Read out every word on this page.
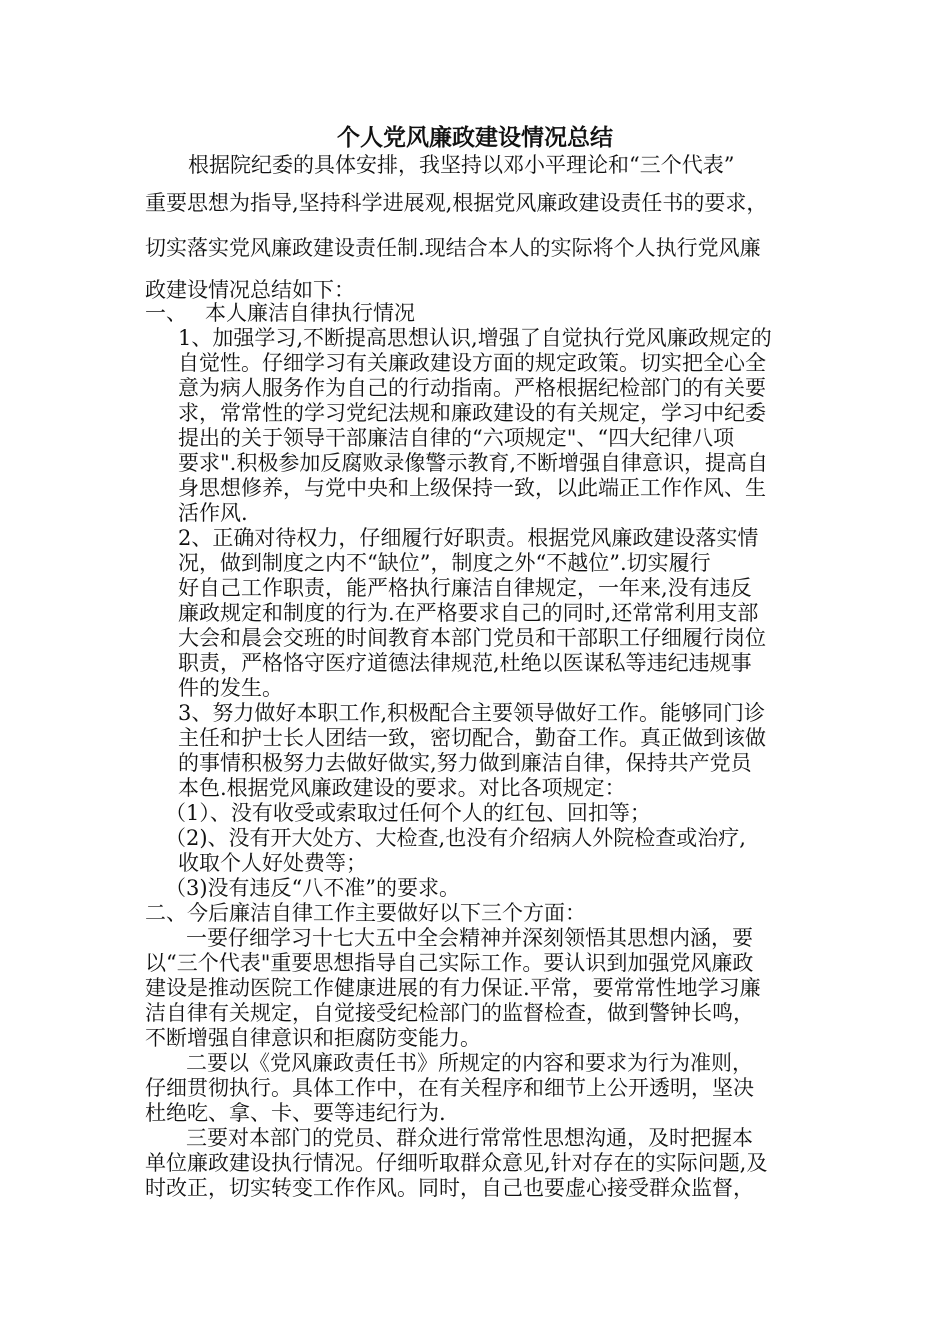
个人党风廉政建设情况总结

根据院纪委的具体安排，我坚持以邓小平理论和“三个代表”

重要思想为指导,坚持科学进展观,根据党风廉政建设责任书的要求，

切实落实党风廉政建设责任制.现结合本人的实际将个人执行党风廉

政建设情况总结如下：

一、 本人廉洁自律执行情况

1、加强学习,不断提高思想认识,增强了自觉执行党风廉政规定的

自觉性。仔细学习有关廉政建设方面的规定政策。切实把全心全

意为病人服务作为自己的行动指南。严格根据纪检部门的有关要

求，常常性的学习党纪法规和廉政建设的有关规定，学习中纪委

提出的关于领导干部廉洁自律的“六项规定"、“四大纪律八项

要求".积极参加反腐败录像警示教育,不断增强自律意识，提高自

身思想修养，与党中央和上级保持一致，以此端正工作作风、生

活作风.

2、正确对待权力，仔细履行好职责。根据党风廉政建设落实情

况，做到制度之内不“缺位”，制度之外“不越位”.切实履行

好自己工作职责，能严格执行廉洁自律规定，一年来,没有违反

廉政规定和制度的行为.在严格要求自己的同时,还常常利用支部

大会和晨会交班的时间教育本部门党员和干部职工仔细履行岗位

职责，严格恪守医疗道德法律规范,杜绝以医谋私等违纪违规事

件的发生。

3、努力做好本职工作,积极配合主要领导做好工作。能够同门诊

主任和护士长人团结一致，密切配合，勤奋工作。真正做到该做

的事情积极努力去做好做实,努力做到廉洁自律，保持共产党员

本色.根据党风廉政建设的要求。对比各项规定：

（1）、没有收受或索取过任何个人的红包、回扣等；

（2)、没有开大处方、大检查,也没有介绍病人外院检查或治疗,

收取个人好处费等；

（3)没有违反“八不准”的要求。

二、今后廉洁自律工作主要做好以下三个方面：

一要仔细学习十七大五中全会精神并深刻领悟其思想内涵，要

以“三个代表"重要思想指导自己实际工作。要认识到加强党风廉政

建设是推动医院工作健康进展的有力保证.平常，要常常性地学习廉

洁自律有关规定，自觉接受纪检部门的监督检查，做到警钟长鸣，

不断增强自律意识和拒腐防变能力。

二要以《党风廉政责任书》所规定的内容和要求为行为准则，

仔细贯彻执行。具体工作中，在有关程序和细节上公开透明，坚决

杜绝吃、拿、卡、要等违纪行为.

三要对本部门的党员、群众进行常常性思想沟通，及时把握本

单位廉政建设执行情况。仔细听取群众意见,针对存在的实际问题,及

时改正，切实转变工作作风。同时，自己也要虚心接受群众监督，
